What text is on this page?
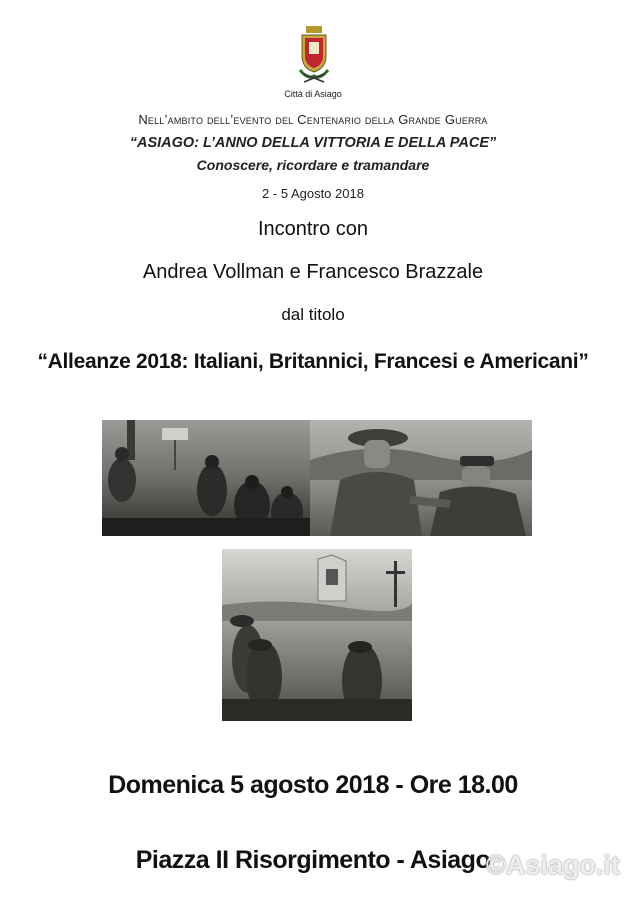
Città di Asiago
Nell’ambito dell’evento del Centenario della Grande Guerra
“ASIAGO: L’ANNO DELLA VITTORIA E DELLA PACE”
Conoscere, ricordare e tramandare
2 - 5 Agosto 2018
Incontro con
Andrea Vollman e Francesco Brazzale
dal titolo
“Alleanze 2018: Italiani, Britannici, Francesi e Americani”
Domenica 5 agosto 2018 - Ore 18.00
Piazza II Risorgimento - Asiago
©Asiago.it
